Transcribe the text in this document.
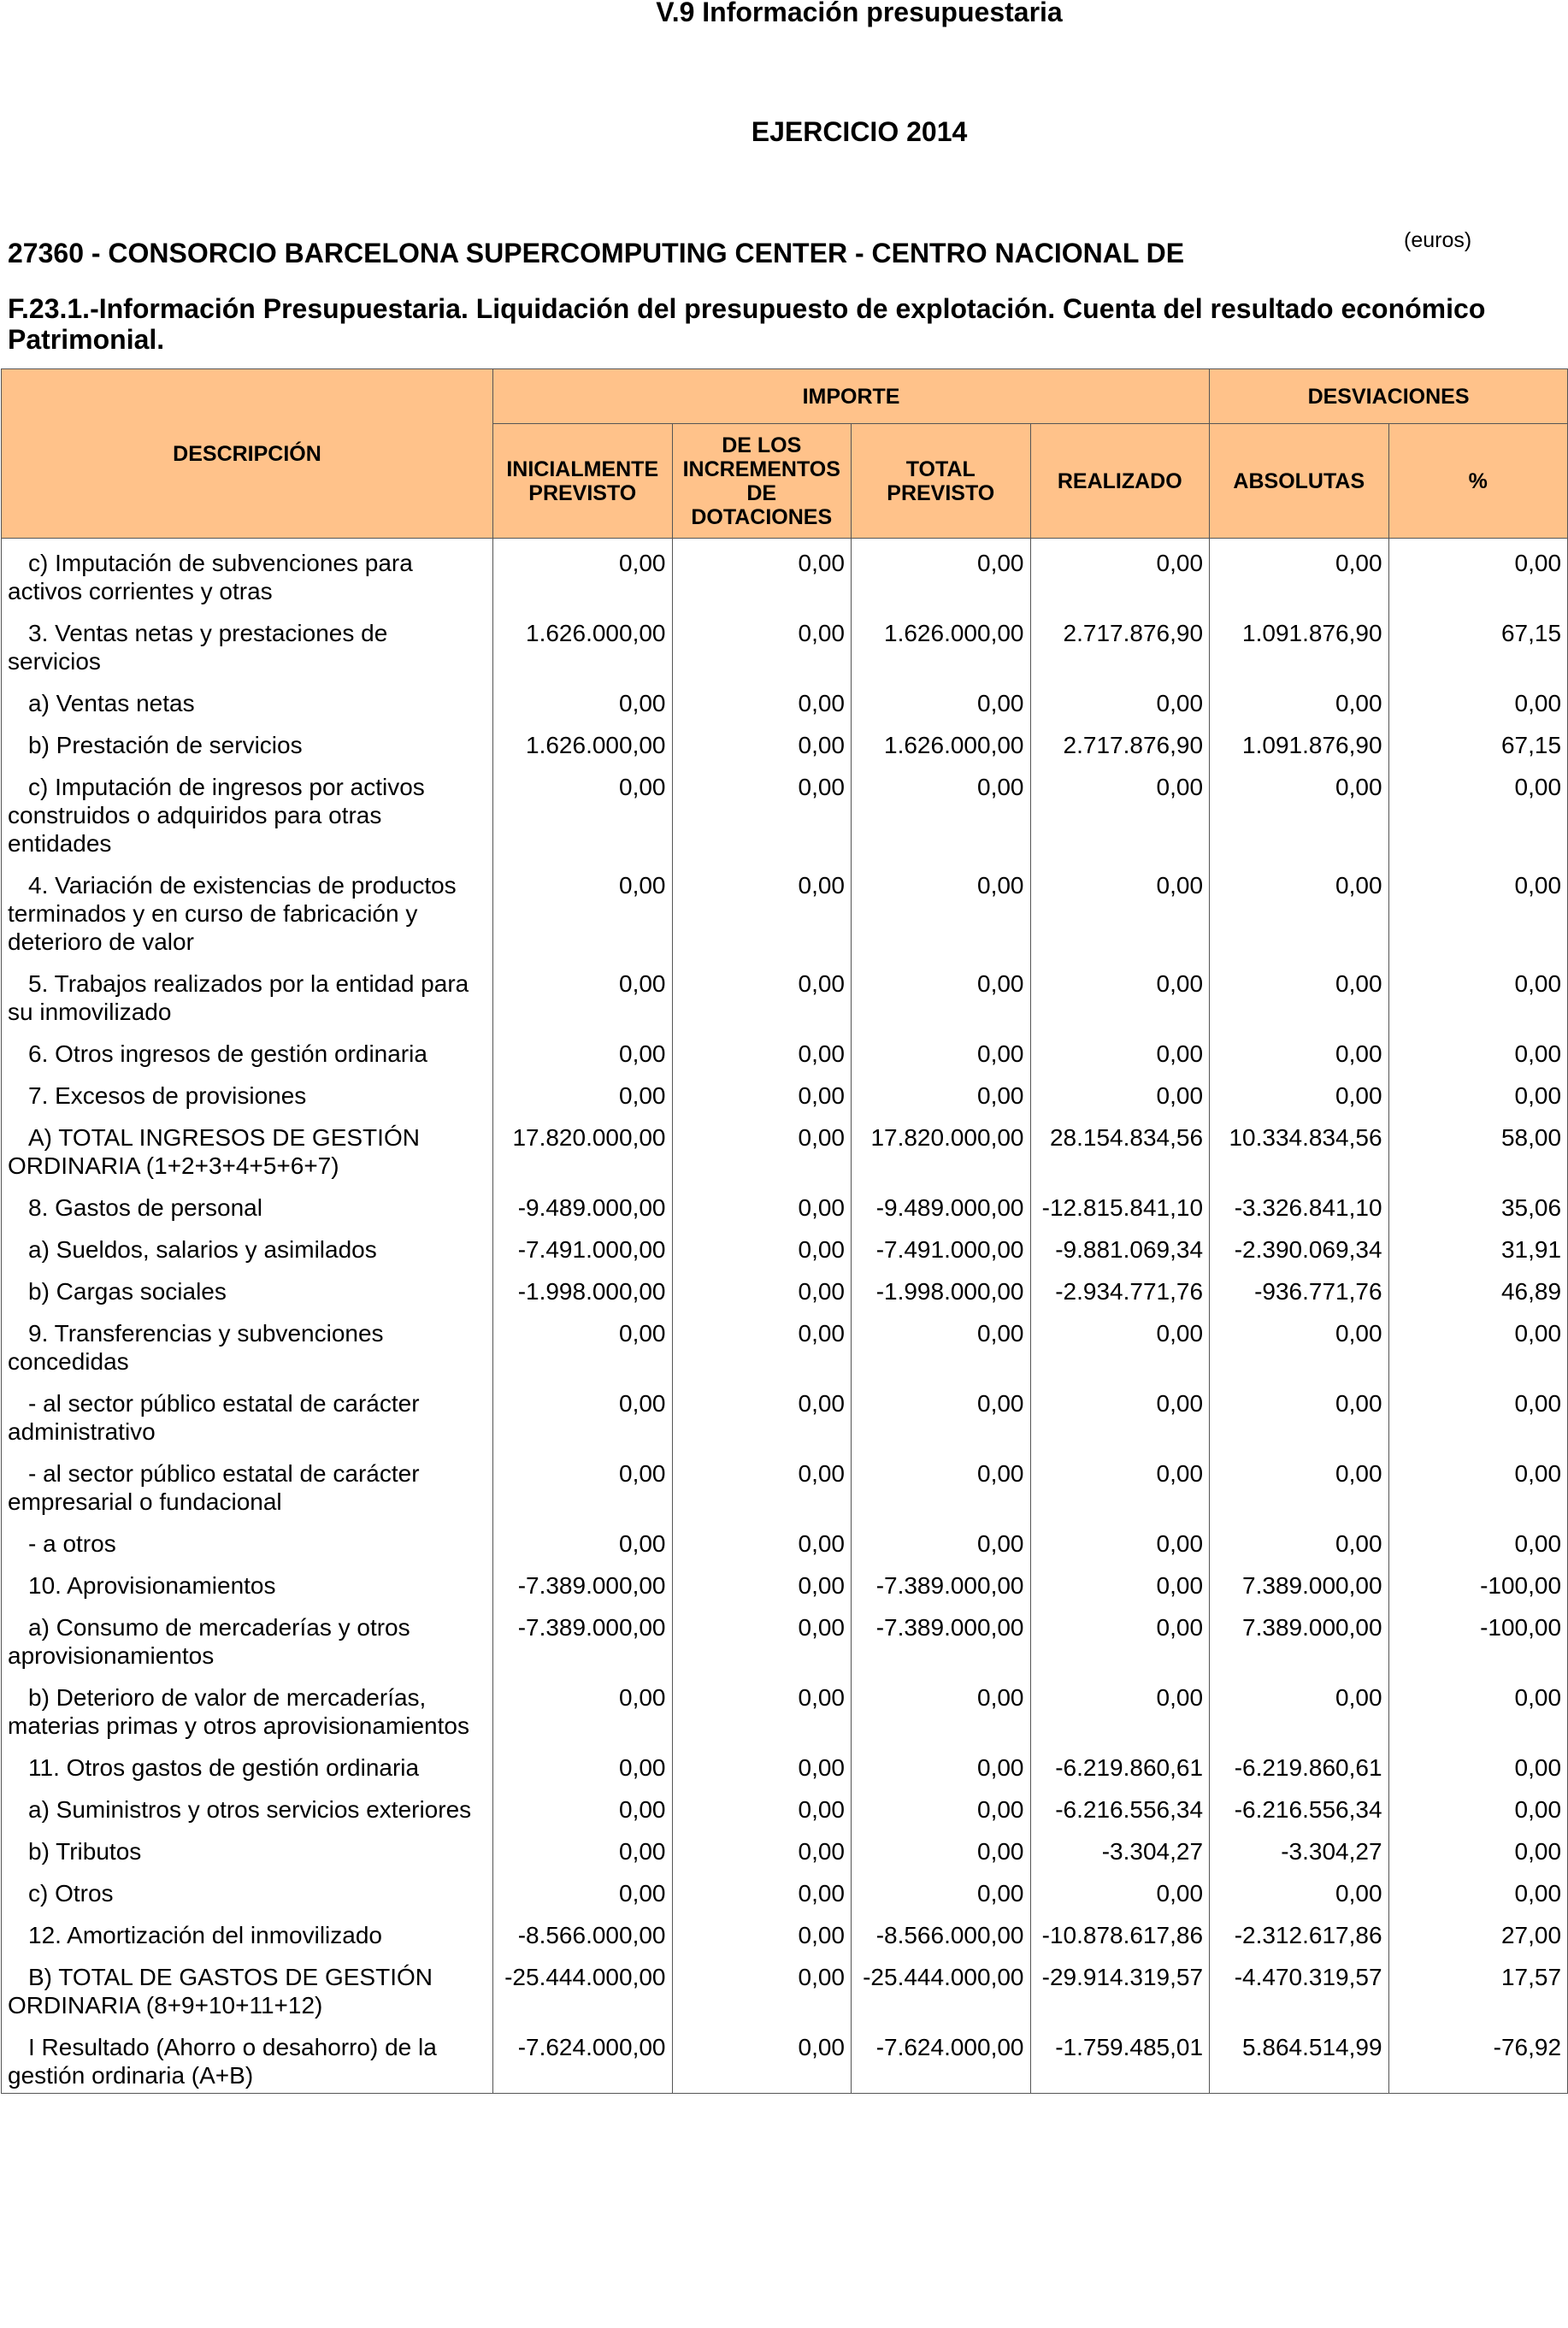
V.9 Información presupuestaria
EJERCICIO 2014
27360 - CONSORCIO BARCELONA SUPERCOMPUTING CENTER - CENTRO NACIONAL DE	(euros)
F.23.1.-Información Presupuestaria. Liquidación del presupuesto de explotación. Cuenta del resultado económico Patrimonial.
DESCRIPCIÓN	IMPORTE				DESVIACIONES	
	INICIALMENTE PREVISTO	DE LOS INCREMENTOS DE DOTACIONES	TOTAL PREVISTO	REALIZADO	ABSOLUTAS	%
c) Imputación de subvenciones para activos corrientes y otras	0,00	0,00	0,00	0,00	0,00	0,00
3. Ventas netas y prestaciones de servicios	1.626.000,00	0,00	1.626.000,00	2.717.876,90	1.091.876,90	67,15
a) Ventas netas	0,00	0,00	0,00	0,00	0,00	0,00
b) Prestación de servicios	1.626.000,00	0,00	1.626.000,00	2.717.876,90	1.091.876,90	67,15
c) Imputación de ingresos por activos construidos o adquiridos para otras entidades	0,00	0,00	0,00	0,00	0,00	0,00
4. Variación de existencias de productos terminados y en curso de fabricación y deterioro de valor	0,00	0,00	0,00	0,00	0,00	0,00
5. Trabajos realizados por la entidad para su inmovilizado	0,00	0,00	0,00	0,00	0,00	0,00
6. Otros ingresos de gestión ordinaria	0,00	0,00	0,00	0,00	0,00	0,00
7. Excesos de provisiones	0,00	0,00	0,00	0,00	0,00	0,00
A) TOTAL INGRESOS DE GESTIÓN ORDINARIA (1+2+3+4+5+6+7)	17.820.000,00	0,00	17.820.000,00	28.154.834,56	10.334.834,56	58,00
8. Gastos de personal	-9.489.000,00	0,00	-9.489.000,00	-12.815.841,10	-3.326.841,10	35,06
a) Sueldos, salarios y asimilados	-7.491.000,00	0,00	-7.491.000,00	-9.881.069,34	-2.390.069,34	31,91
b) Cargas sociales	-1.998.000,00	0,00	-1.998.000,00	-2.934.771,76	-936.771,76	46,89
9. Transferencias y subvenciones concedidas	0,00	0,00	0,00	0,00	0,00	0,00
- al sector público estatal de carácter administrativo	0,00	0,00	0,00	0,00	0,00	0,00
- al sector público estatal de carácter empresarial o fundacional	0,00	0,00	0,00	0,00	0,00	0,00
- a otros	0,00	0,00	0,00	0,00	0,00	0,00
10. Aprovisionamientos	-7.389.000,00	0,00	-7.389.000,00	0,00	7.389.000,00	-100,00
a) Consumo de mercaderías y otros aprovisionamientos	-7.389.000,00	0,00	-7.389.000,00	0,00	7.389.000,00	-100,00
b) Deterioro de valor de mercaderías, materias primas y otros aprovisionamientos	0,00	0,00	0,00	0,00	0,00	0,00
11. Otros gastos de gestión ordinaria	0,00	0,00	0,00	-6.219.860,61	-6.219.860,61	0,00
a) Suministros y otros servicios exteriores	0,00	0,00	0,00	-6.216.556,34	-6.216.556,34	0,00
b) Tributos	0,00	0,00	0,00	-3.304,27	-3.304,27	0,00
c) Otros	0,00	0,00	0,00	0,00	0,00	0,00
12. Amortización del inmovilizado	-8.566.000,00	0,00	-8.566.000,00	-10.878.617,86	-2.312.617,86	27,00
B) TOTAL DE GASTOS DE GESTIÓN ORDINARIA (8+9+10+11+12)	-25.444.000,00	0,00	-25.444.000,00	-29.914.319,57	-4.470.319,57	17,57
I Resultado (Ahorro o desahorro) de la gestión ordinaria (A+B)	-7.624.000,00	0,00	-7.624.000,00	-1.759.485,01	5.864.514,99	-76,92
